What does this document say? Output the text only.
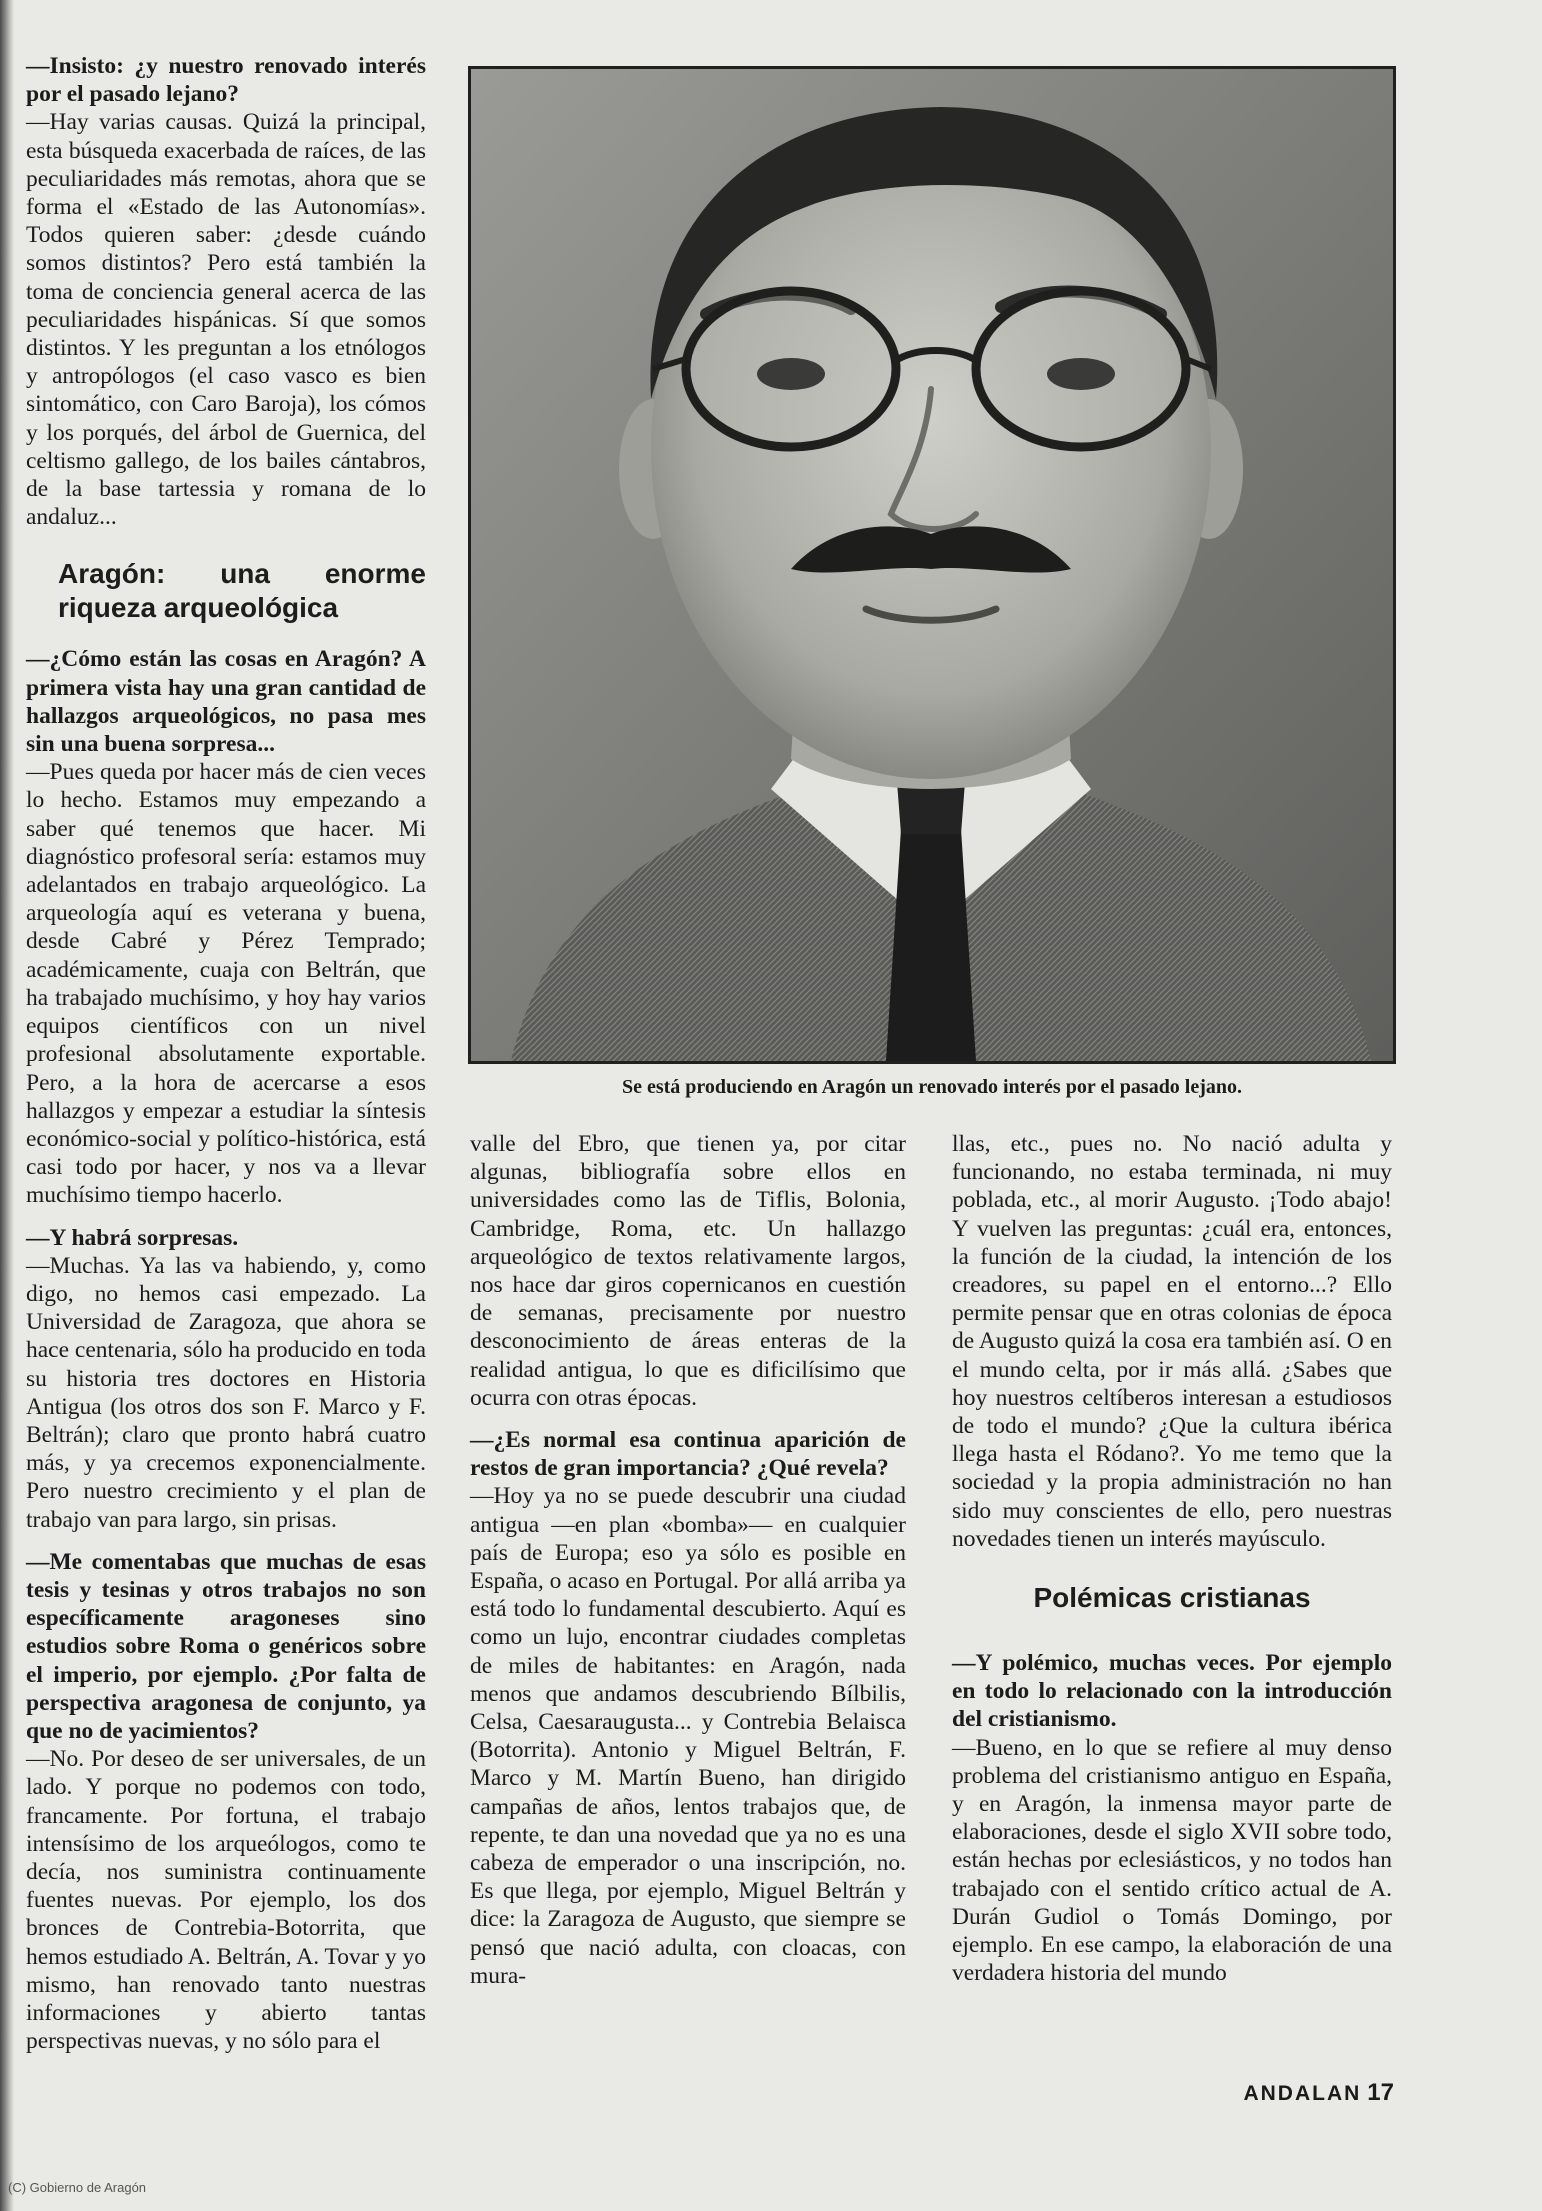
—Insisto: ¿y nuestro renovado interés por el pasado lejano?

—Hay varias causas. Quizá la principal, esta búsqueda exacerbada de raíces, de las peculiaridades más remotas, ahora que se forma el «Estado de las Autonomías». Todos quieren saber: ¿desde cuándo somos distintos? Pero está también la toma de conciencia general acerca de las peculiaridades hispánicas. Sí que somos distintos. Y les preguntan a los etnólogos y antropólogos (el caso vasco es bien sintomático, con Caro Baroja), los cómos y los porqués, del árbol de Guernica, del celtismo gallego, de los bailes cántabros, de la base tartessia y romana de lo andaluz...

Aragón: una enorme riqueza arqueológica

—¿Cómo están las cosas en Aragón? A primera vista hay una gran cantidad de hallazgos arqueológicos, no pasa mes sin una buena sorpresa...

—Pues queda por hacer más de cien veces lo hecho. Estamos muy empezando a saber qué tenemos que hacer. Mi diagnóstico profesoral sería: estamos muy adelantados en trabajo arqueológico. La arqueología aquí es veterana y buena, desde Cabré y Pérez Temprado; académicamente, cuaja con Beltrán, que ha trabajado muchísimo, y hoy hay varios equipos científicos con un nivel profesional absolutamente exportable. Pero, a la hora de acercarse a esos hallazgos y empezar a estudiar la síntesis económico-social y político-histórica, está casi todo por hacer, y nos va a llevar muchísimo tiempo hacerlo.

—Y habrá sorpresas.

—Muchas. Ya las va habiendo, y, como digo, no hemos casi empezado. La Universidad de Zaragoza, que ahora se hace centenaria, sólo ha producido en toda su historia tres doctores en Historia Antigua (los otros dos son F. Marco y F. Beltrán); claro que pronto habrá cuatro más, y ya crecemos exponencialmente. Pero nuestro crecimiento y el plan de trabajo van para largo, sin prisas.

—Me comentabas que muchas de esas tesis y tesinas y otros trabajos no son específicamente aragoneses sino estudios sobre Roma o genéricos sobre el imperio, por ejemplo. ¿Por falta de perspectiva aragonesa de conjunto, ya que no de yacimientos?

—No. Por deseo de ser universales, de un lado. Y porque no podemos con todo, francamente. Por fortuna, el trabajo intensísimo de los arqueólogos, como te decía, nos suministra continuamente fuentes nuevas. Por ejemplo, los dos bronces de Contrebia-Botorrita, que hemos estudiado A. Beltrán, A. Tovar y yo mismo, han renovado tanto nuestras informaciones y abierto tantas perspectivas nuevas, y no sólo para el

Se está produciendo en Aragón un renovado interés por el pasado lejano.

valle del Ebro, que tienen ya, por citar algunas, bibliografía sobre ellos en universidades como las de Tiflis, Bolonia, Cambridge, Roma, etc. Un hallazgo arqueológico de textos relativamente largos, nos hace dar giros copernicanos en cuestión de semanas, precisamente por nuestro desconocimiento de áreas enteras de la realidad antigua, lo que es dificilísimo que ocurra con otras épocas.

—¿Es normal esa continua aparición de restos de gran importancia? ¿Qué revela?

—Hoy ya no se puede descubrir una ciudad antigua —en plan «bomba»— en cualquier país de Europa; eso ya sólo es posible en España, o acaso en Portugal. Por allá arriba ya está todo lo fundamental descubierto. Aquí es como un lujo, encontrar ciudades completas de miles de habitantes: en Aragón, nada menos que andamos descubriendo Bílbilis, Celsa, Caesaraugusta... y Contrebia Belaisca (Botorrita). Antonio y Miguel Beltrán, F. Marco y M. Martín Bueno, han dirigido campañas de años, lentos trabajos que, de repente, te dan una novedad que ya no es una cabeza de emperador o una inscripción, no. Es que llega, por ejemplo, Miguel Beltrán y dice: la Zaragoza de Augusto, que siempre se pensó que nació adulta, con cloacas, con mura-

llas, etc., pues no. No nació adulta y funcionando, no estaba terminada, ni muy poblada, etc., al morir Augusto. ¡Todo abajo! Y vuelven las preguntas: ¿cuál era, entonces, la función de la ciudad, la intención de los creadores, su papel en el entorno...? Ello permite pensar que en otras colonias de época de Augusto quizá la cosa era también así. O en el mundo celta, por ir más allá. ¿Sabes que hoy nuestros celtíberos interesan a estudiosos de todo el mundo? ¿Que la cultura ibérica llega hasta el Ródano?. Yo me temo que la sociedad y la propia administración no han sido muy conscientes de ello, pero nuestras novedades tienen un interés mayúsculo.

Polémicas cristianas

—Y polémico, muchas veces. Por ejemplo en todo lo relacionado con la introducción del cristianismo.

—Bueno, en lo que se refiere al muy denso problema del cristianismo antiguo en España, y en Aragón, la inmensa mayor parte de elaboraciones, desde el siglo XVII sobre todo, están hechas por eclesiásticos, y no todos han trabajado con el sentido crítico actual de A. Durán Gudiol o Tomás Domingo, por ejemplo. En ese campo, la elaboración de una verdadera historia del mundo

ANDALAN 17
(C) Gobierno de Aragón
